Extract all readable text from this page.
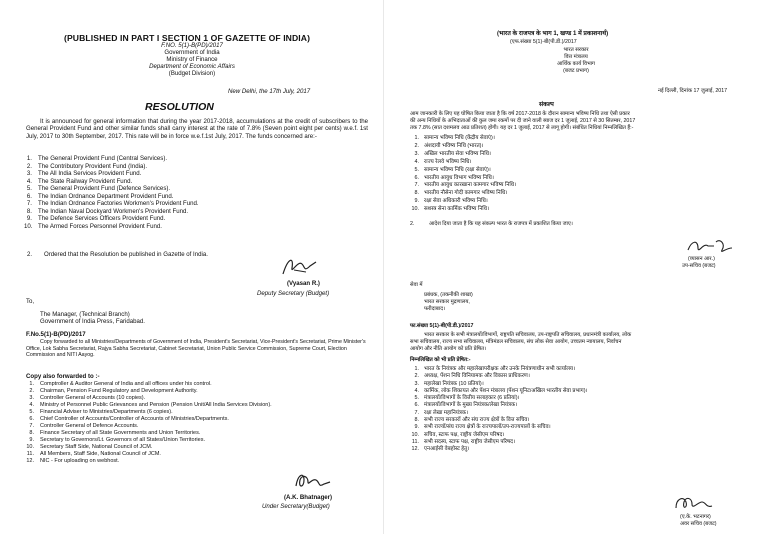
(PUBLISHED IN PART I SECTION 1 OF GAZETTE OF INDIA)
F.NO. 5(1)-B(PD)/2017
Government of India
Ministry of Finance
Department of Economic Affairs
(Budget Division)
New Delhi, the 17th July, 2017
RESOLUTION
It is announced for general information that during the year 2017-2018, accumulations at the credit of subscribers to the General Provident Fund and other similar funds shall carry interest at the rate of 7.8% (Seven point eight per cents) w.e.f. 1st July, 2017 to 30th September, 2017. This rate will be in force w.e.f.1st July, 2017. The funds concerned are:-
1. The General Provident Fund (Central Services).
2. The Contributory Provident Fund (India).
3. The All India Services Provident Fund.
4. The State Railway Provident Fund.
5. The General Provident Fund (Defence Services).
6. The Indian Ordnance Department Provident Fund.
7. The Indian Ordnance Factories Workmen's Provident Fund.
8. The Indian Naval Dockyard Workmen's Provident Fund.
9. The Defence Services Officers Provident Fund.
10. The Armed Forces Personnel Provident Fund.
2.	Ordered that the Resolution be published in Gazette of India.
(Vyasan R.)
Deputy Secretary (Budget)
To,
The Manager, (Technical Branch)
Government of India Press, Faridabad.
F.No.5(1)-B(PD)/2017
Copy forwarded to all Ministries/Departments of Government of India, President's Secretariat, Vice-President's Secretariat, Prime Minister's Office, Lok Sabha Secretariat, Rajya Sabha Secretariat, Cabinet Secretariat, Union Public Service Commission, Supreme Court, Election Commission and NITI Aayog.
Copy also forwarded to :-
1.	Comptroller & Auditor General of India and all offices under his control.
2.	Chairman, Pension Fund Regulatory and Development Authority.
3.	Controller General of Accounts (10 copies).
4.	Ministry of Personnel Public Grievances and Pension (Pension Unit/All India Services Division).
5.	Financial Adviser to Ministries/Departments (6 copies).
6.	Chief Controller of Accounts/Controller of Accounts of Ministries/Departments.
7.	Controller General of Defence Accounts.
8.	Finance Secretary of all State Governments and Union Territories.
9.	Secretary to Governors/Lt. Governors of all States/Union Territories.
10.	Secretary Staff Side, National Council of JCM.
11.	All Members, Staff Side, National Council of JCM.
12.	NIC - For uploading on webhost.
(A.K. Bhatnager)
Under Secretary(Budget)
(भारत के राजपत्र के भाग 1, खण्ड 1 में प्रकाशनार्थ)
(एफ.संख्या 5(1)-बी(पी.डी.)/2017
भारत सरकार
वित्त मंत्रालय
आर्थिक कार्य विभाग
(बजट प्रभाग)
नई दिल्ली, दिनांक 17 जुलाई, 2017
संकल्प
आम जानकारी के लिए यह घोषित किया जाता है कि वर्ष 2017-2018 के दौरान सामान्य भविष्य निधि तथा ऐसी प्रकार
की अन्य निधियों के अभिदाताओं की कुल जमा रकमों पर दी जाने वाली ब्याज दर 1 जुलाई, 2017 से 30 सितम्बर, 2017
तक 7.8% (सात दशमलव आठ प्रतिशत) होगी। यह दर 1 जुलाई, 2017 से लागू होगी। संबंधित निधियां निम्नलिखित हैं:-
1. सामान्य भविष्य निधि (केंद्रीय सेवाएं)।
2. अंशदायी भविष्य निधि (भारत)।
3. अखिल भारतीय सेवा भविष्य निधि।
4. राज्य रेलवे भविष्य निधि।
5. सामान्य भविष्य निधि (रक्षा सेवाएं)।
6. भारतीय आयुध विभाग भविष्य निधि।
7. भारतीय आयुध कारखाना कामगार भविष्य निधि।
8. भारतीय नौसेना गोदी कामगार भविष्य निधि।
9. रक्षा सेवा अधिकारी भविष्य निधि।
10. सशस्त्र सेना कार्मिक भविष्य निधि।
2.	आदेश दिया जाता है कि यह संकल्प भारत के राजपत्र में प्रकाशित किया जाए।
(व्यासन आर.)
उप-सचिव (बजट)
सेवा में
प्रबंधक, (तकनीकी शाखा)
भारत सरकार मुद्रणालय,
फरीदाबाद।
फा.संख्या 5(1)-बी(पी.डी.)/2017
भारत सरकार के सभी मंत्रालयों/विभागों, राष्ट्रपति सचिवालय, उप-राष्ट्रपति सचिवालय, प्रधानमंत्री कार्यालय, लोक
सभा सचिवालय, राज्य सभा सचिवालय, मंत्रिमंडल सचिवालय, संघ लोक सेवा आयोग, उच्चतम न्यायालय, निर्वाचन
आयोग और नीति आयोग को प्रति प्रेषित।
निम्नलिखित को भी प्रति प्रेषित:-
1. भारत के नियंत्रक और महालेखापरीक्षक और उनके नियंत्रणाधीन सभी कार्यालय।
2. अध्यक्ष, पेंशन निधि विनियामक और विकास प्राधिकरण।
3. महालेखा नियंत्रक (10 प्रतियां)।
4. कार्मिक, लोक शिकायत और पेंशन मंत्रालय (पेंशन यूनिट/अखिल भारतीय सेवा प्रभाग)।
5. मंत्रालयों/विभागों के वित्तीय सलाहकार (6 प्रतियां)।
6. मंत्रालयों/विभागों के मुख्य नियंत्रक/लेखा नियंत्रक।
7. रक्षा लेखा महानियंत्रक।
8. सभी राज्य सरकारों और संघ राज्य क्षेत्रों के वित्त सचिव।
9. सभी राज्यों/संघ राज्य क्षेत्रों के राज्यपालों/उप-राज्यपालों के सचिव।
10. सचिव, स्टाफ पक्ष, राष्ट्रीय जेसीएम परिषद।
11. सभी सदस्य, स्टाफ पक्ष, राष्ट्रीय जेसीएम परिषद।
12. एनआईसी वेबहोस्ट हेतु।
(ए.के. भटनागर)
अवर सचिव (बजट)
